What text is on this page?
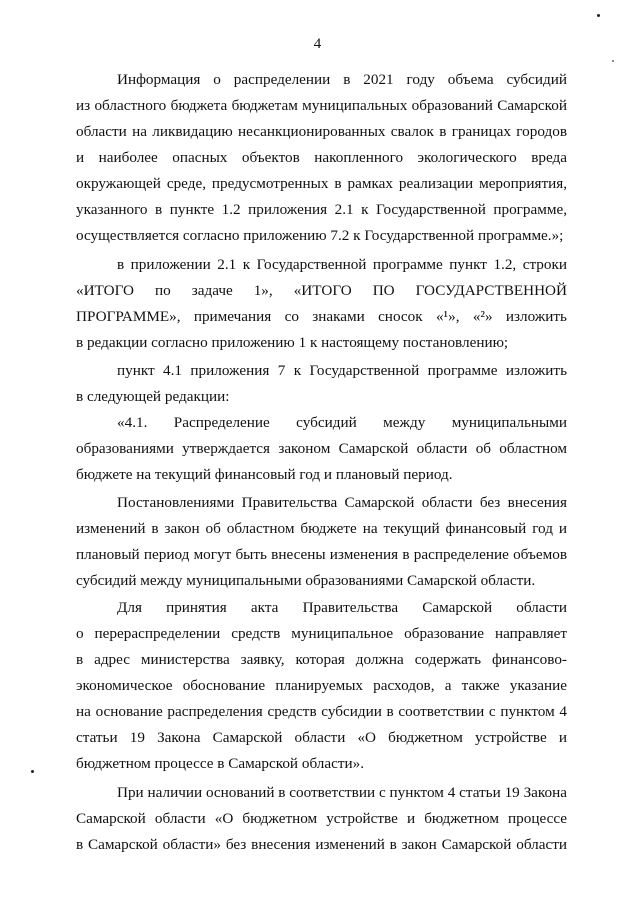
4
Информация о распределении в 2021 году объема субсидий
из областного бюджета бюджетам муниципальных образований Самарской
области на ликвидацию несанкционированных свалок в границах городов
и наиболее опасных объектов накопленного экологического вреда
окружающей среде, предусмотренных в рамках реализации мероприятия,
указанного в пункте 1.2 приложения 2.1 к Государственной программе,
осуществляется согласно приложению 7.2 к Государственной программе.»;
в приложении 2.1 к Государственной программе пункт 1.2, строки
«ИТОГО по задаче 1», «ИТОГО ПО ГОСУДАРСТВЕННОЙ
ПРОГРАММЕ», примечания со знаками сносок «¹», «²» изложить
в редакции согласно приложению 1 к настоящему постановлению;
пункт 4.1 приложения 7 к Государственной программе изложить
в следующей редакции:
«4.1. Распределение субсидий между муниципальными
образованиями утверждается законом Самарской области об областном
бюджете на текущий финансовый год и плановый период.
Постановлениями Правительства Самарской области без внесения
изменений в закон об областном бюджете на текущий финансовый год и
плановый период могут быть внесены изменения в распределение объемов
субсидий между муниципальными образованиями Самарской области.
Для принятия акта Правительства Самарской области
о перераспределении средств муниципальное образование направляет
в адрес министерства заявку, которая должна содержать финансово-
экономическое обоснование планируемых расходов, а также указание
на основание распределения средств субсидии в соответствии с пунктом 4
статьи 19 Закона Самарской области «О бюджетном устройстве и
бюджетном процессе в Самарской области».
При наличии оснований в соответствии с пунктом 4 статьи 19 Закона
Самарской области «О бюджетном устройстве и бюджетном процессе
в Самарской области» без внесения изменений в закон Самарской области
